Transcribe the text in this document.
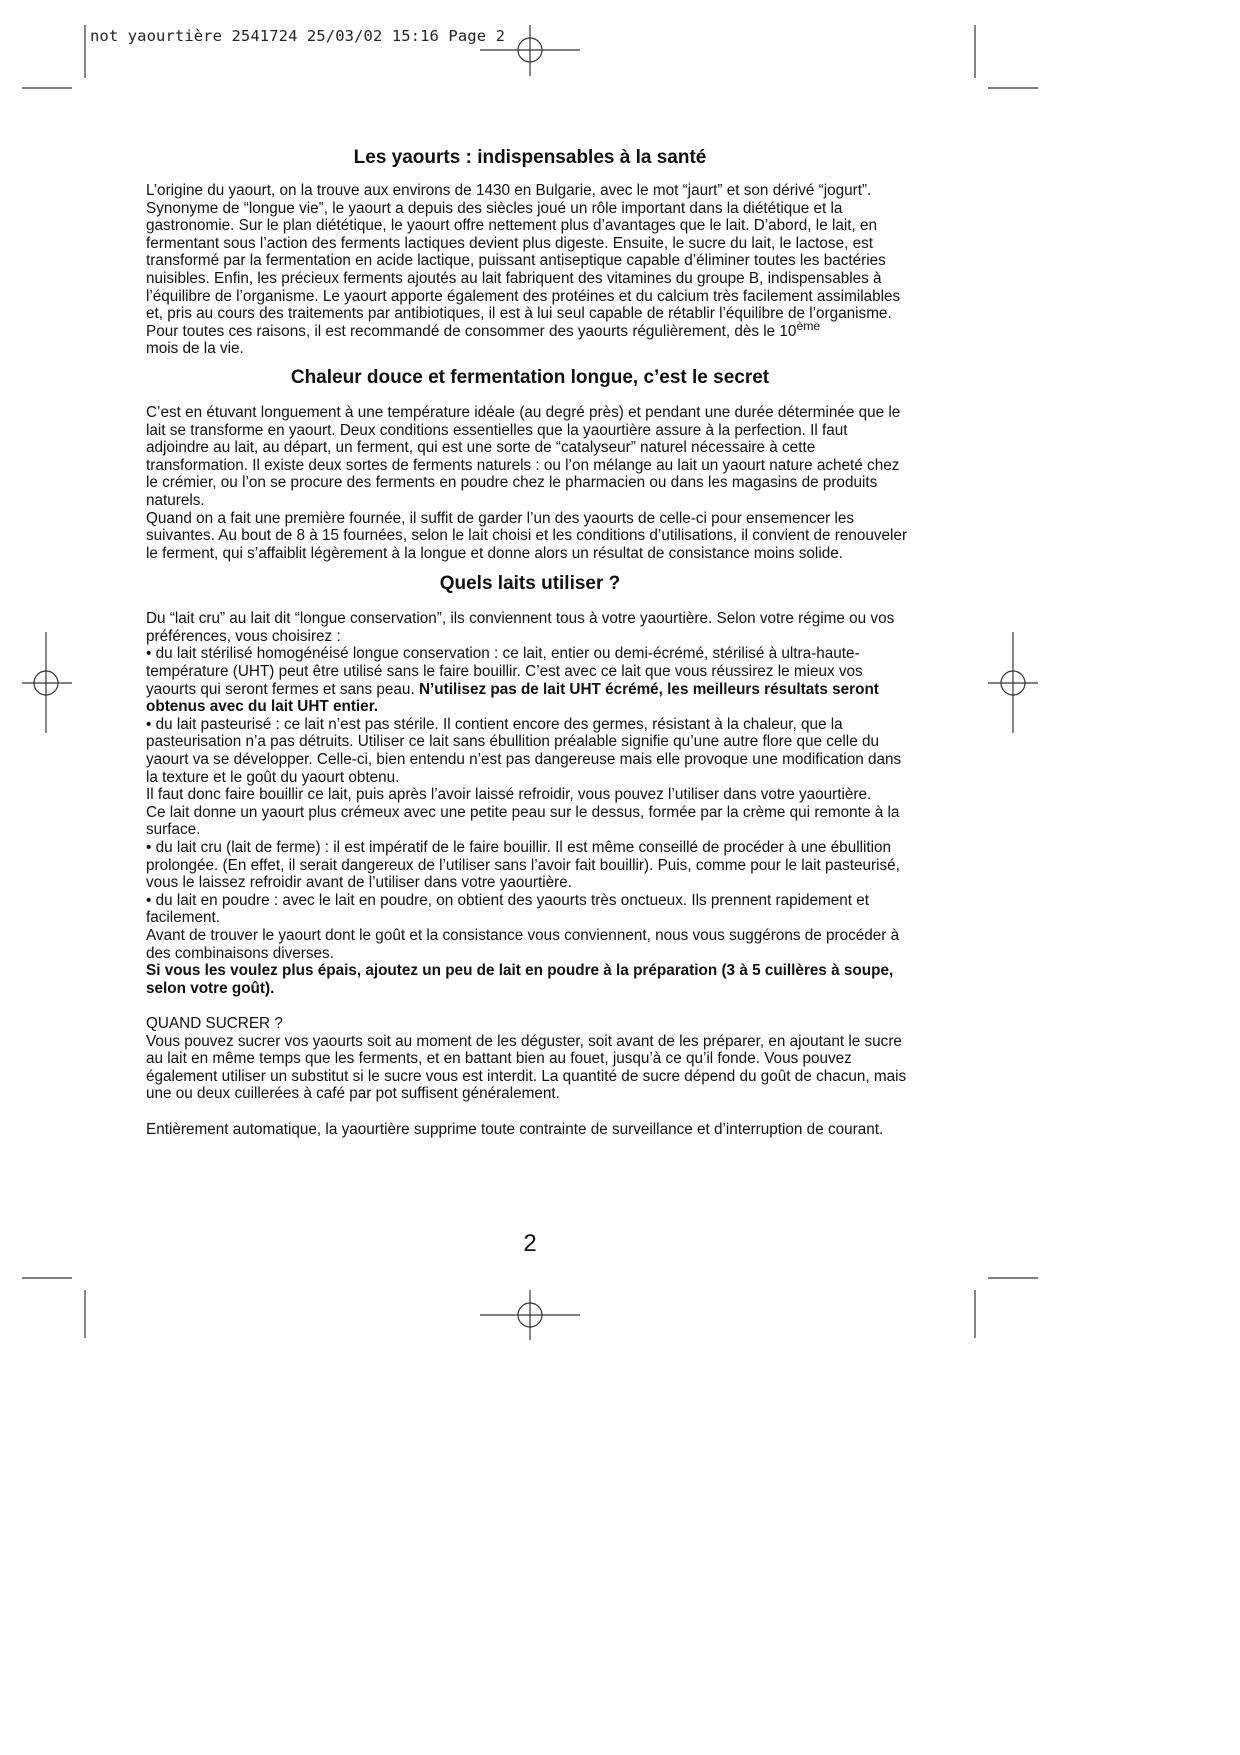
not yaourtière 2541724 25/03/02 15:16 Page 2
Les yaourts : indispensables à la santé

L’origine du yaourt, on la trouve aux environs de 1430 en Bulgarie, avec le mot “jaurt” et son dérivé “jogurt”. Synonyme de “longue vie”, le yaourt a depuis des siècles joué un rôle important dans la diététique et la gastronomie. Sur le plan diététique, le yaourt offre nettement plus d’avantages que le lait. D’abord, le lait, en fermentant sous l’action des ferments lactiques devient plus digeste. Ensuite, le sucre du lait, le lactose, est transformé par la fermentation en acide lactique, puissant antiseptique capable d’éliminer toutes les bactéries nuisibles. Enfin, les précieux ferments ajoutés au lait fabriquent des vitamines du groupe B, indispensables à l’équilibre de l’organisme. Le yaourt apporte également des protéines et du calcium très facilement assimilables et, pris au cours des traitements par antibiotiques, il est à lui seul capable de rétablir l’équilibre de l’organisme.

Pour toutes ces raisons, il est recommandé de consommer des yaourts régulièrement, dès le 10ème
mois de la vie.

Chaleur douce et fermentation longue, c’est le secret

C’est en étuvant longuement à une température idéale (au degré près) et pendant une durée déterminée que le lait se transforme en yaourt. Deux conditions essentielles que la yaourtière assure à la perfection. Il faut adjoindre au lait, au départ, un ferment, qui est une sorte de “catalyseur” naturel nécessaire à cette transformation. Il existe deux sortes de ferments naturels : ou l’on mélange au lait un yaourt nature acheté chez le crémier, ou l’on se procure des ferments en poudre chez le pharmacien ou dans les magasins de produits naturels.

Quand on a fait une première fournée, il suffit de garder l’un des yaourts de celle-ci pour ensemencer les suivantes. Au bout de 8 à 15 fournées, selon le lait choisi et les conditions d’utilisations, il convient de renouveler le ferment, qui s’affaiblit légèrement à la longue et donne alors un résultat de consistance moins solide.

Quels laits utiliser ?

Du “lait cru” au lait dit “longue conservation”, ils conviennent tous à votre yaourtière. Selon votre régime ou vos préférences, vous choisirez :

• du lait stérilisé homogénéisé longue conservation : ce lait, entier ou demi-écrémé, stérilisé à ultra-haute-température (UHT) peut être utilisé sans le faire bouillir. C’est avec ce lait que vous réussirez le mieux vos yaourts qui seront fermes et sans peau. N’utilisez pas de lait UHT écrémé, les meilleurs résultats seront obtenus avec du lait UHT entier.

• du lait pasteurisé : ce lait n’est pas stérile. Il contient encore des germes, résistant à la chaleur, que la pasteurisation n’a pas détruits. Utiliser ce lait sans ébullition préalable signifie qu’une autre flore que celle du yaourt va se développer. Celle-ci, bien entendu n’est pas dangereuse mais elle provoque une modification dans la texture et le goût du yaourt obtenu.

Il faut donc faire bouillir ce lait, puis après l’avoir laissé refroidir, vous pouvez l’utiliser dans votre yaourtière.

Ce lait donne un yaourt plus crémeux avec une petite peau sur le dessus, formée par la crème qui remonte à la surface.

• du lait cru (lait de ferme) : il est impératif de le faire bouillir. Il est même conseillé de procéder à une ébullition prolongée. (En effet, il serait dangereux de l’utiliser sans l’avoir fait bouillir). Puis, comme pour le lait pasteurisé, vous le laissez refroidir avant de l’utiliser dans votre yaourtière.

• du lait en poudre : avec le lait en poudre, on obtient des yaourts très onctueux. Ils prennent rapidement et facilement.

Avant de trouver le yaourt dont le goût et la consistance vous conviennent, nous vous suggérons de procéder à des combinaisons diverses.

Si vous les voulez plus épais, ajoutez un peu de lait en poudre à la préparation (3 à 5 cuillères à soupe, selon votre goût).

QUAND SUCRER ?

Vous pouvez sucrer vos yaourts soit au moment de les déguster, soit avant de les préparer, en ajoutant le sucre au lait en même temps que les ferments, et en battant bien au fouet, jusqu’à ce qu’il fonde. Vous pouvez également utiliser un substitut si le sucre vous est interdit. La quantité de sucre dépend du goût de chacun, mais une ou deux cuillerées à café par pot suffisent généralement.

Entièrement automatique, la yaourtière supprime toute contrainte de surveillance et d’interruption de courant.

2
